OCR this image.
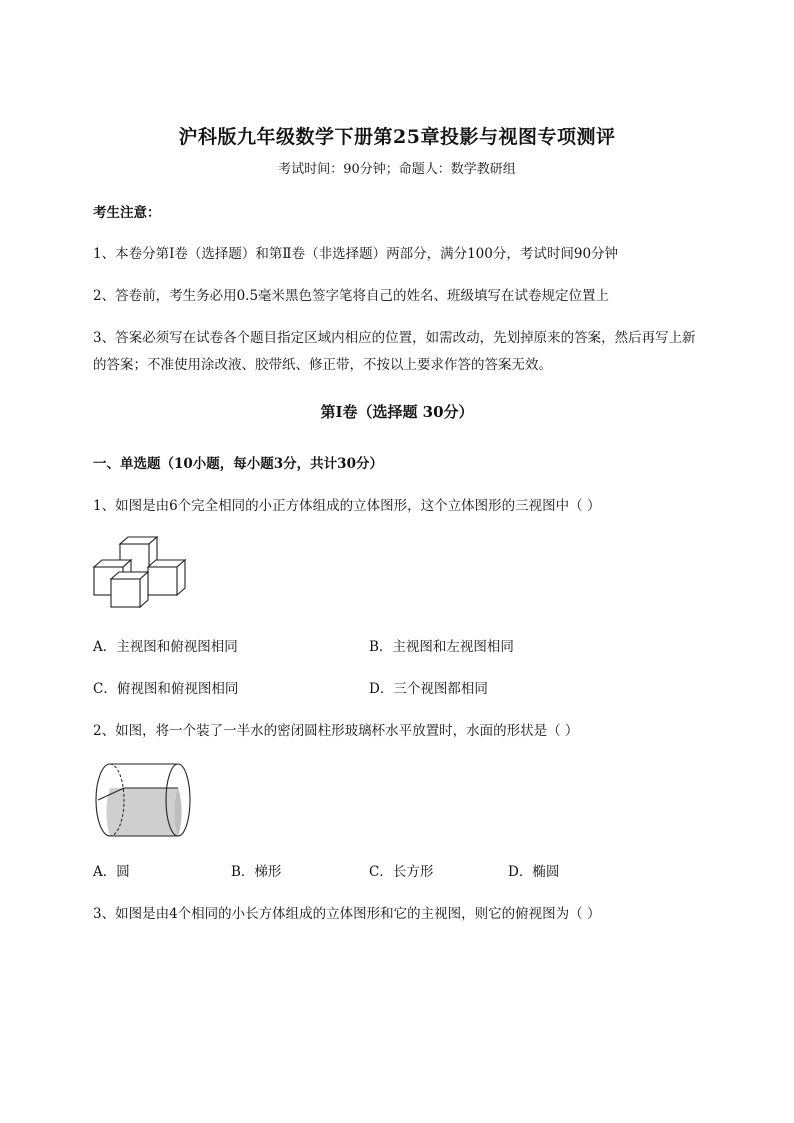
沪科版九年级数学下册第25章投影与视图专项测评
考试时间：90分钟；命题人：数学教研组
考生注意：
1、本卷分第I卷（选择题）和第Ⅱ卷（非选择题）两部分，满分100分，考试时间90分钟
2、答卷前，考生务必用0.5毫米黑色签字笔将自己的姓名、班级填写在试卷规定位置上
3、答案必须写在试卷各个题目指定区域内相应的位置，如需改动，先划掉原来的答案，然后再写上新
的答案；不准使用涂改液、胶带纸、修正带，不按以上要求作答的答案无效。
第I卷（选择题 30分）
一、单选题（10小题，每小题3分，共计30分）
1、如图是由6个完全相同的小正方体组成的立体图形，这个立体图形的三视图中（ ）
A．主视图和俯视图相同	B．主视图和左视图相同
C．俯视图和俯视图相同	D．三个视图都相同
2、如图，将一个装了一半水的密闭圆柱形玻璃杯水平放置时，水面的形状是（ ）
A．圆	B．梯形	C．长方形	D．椭圆
3、如图是由4个相同的小长方体组成的立体图形和它的主视图，则它的俯视图为（ ）
